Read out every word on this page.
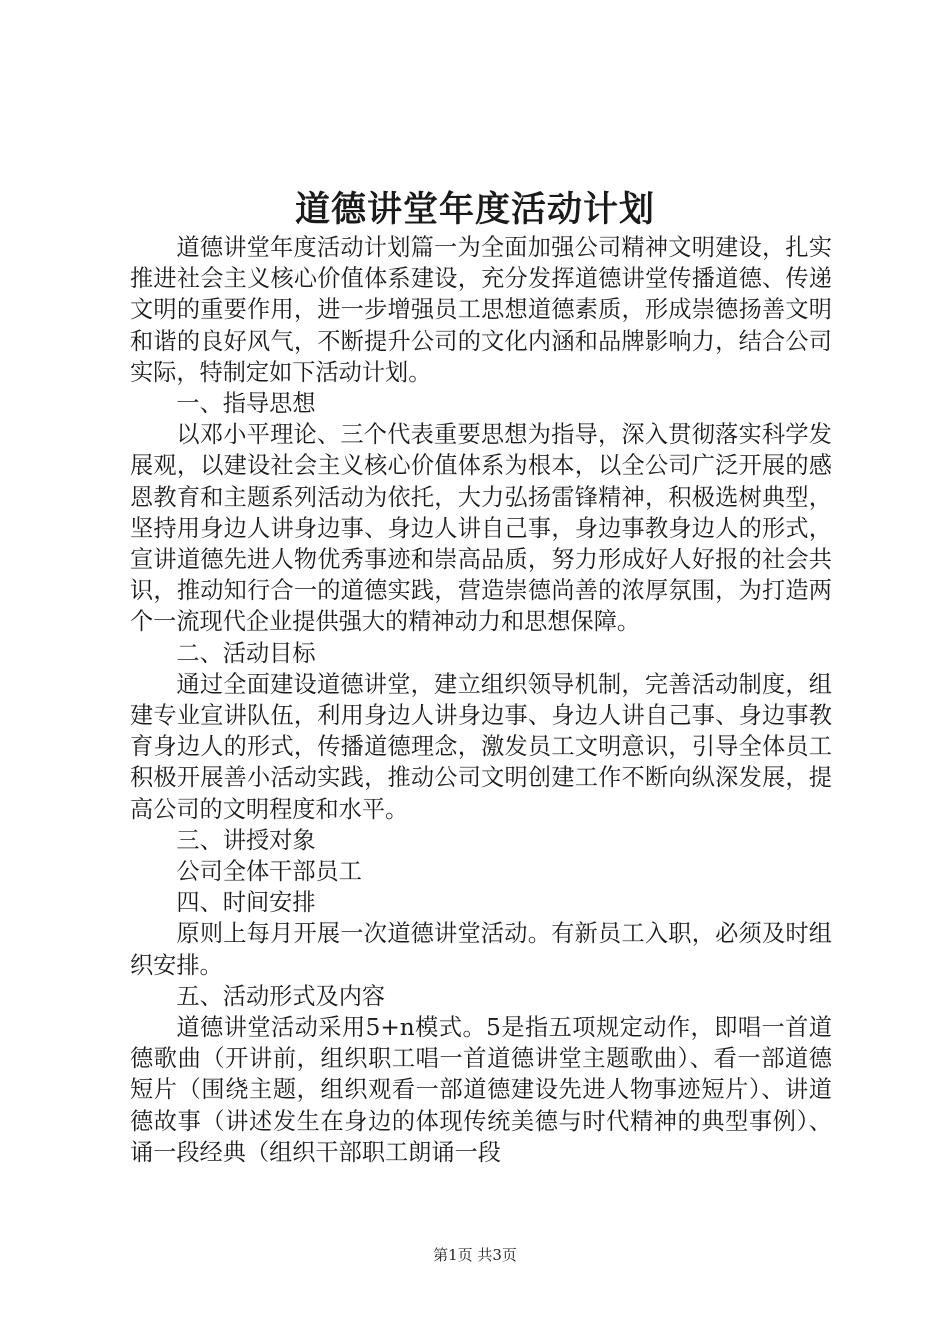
道德讲堂年度活动计划

道德讲堂年度活动计划篇一为全面加强公司精神文明建设，扎实推进社会主义核心价值体系建设，充分发挥道德讲堂传播道德、传递文明的重要作用，进一步增强员工思想道德素质，形成崇德扬善文明和谐的良好风气，不断提升公司的文化内涵和品牌影响力，结合公司实际，特制定如下活动计划。

一、指导思想

以邓小平理论、三个代表重要思想为指导，深入贯彻落实科学发展观，以建设社会主义核心价值体系为根本，以全公司广泛开展的感恩教育和主题系列活动为依托，大力弘扬雷锋精神，积极选树典型，坚持用身边人讲身边事、身边人讲自己事，身边事教身边人的形式，宣讲道德先进人物优秀事迹和崇高品质，努力形成好人好报的社会共识，推动知行合一的道德实践，营造崇德尚善的浓厚氛围，为打造两个一流现代企业提供强大的精神动力和思想保障。

二、活动目标

通过全面建设道德讲堂，建立组织领导机制，完善活动制度，组建专业宣讲队伍，利用身边人讲身边事、身边人讲自己事、身边事教育身边人的形式，传播道德理念，激发员工文明意识，引导全体员工积极开展善小活动实践，推动公司文明创建工作不断向纵深发展，提高公司的文明程度和水平。

三、讲授对象

公司全体干部员工

四、时间安排

原则上每月开展一次道德讲堂活动。有新员工入职，必须及时组织安排。

五、活动形式及内容

道德讲堂活动采用5+n模式。5是指五项规定动作，即唱一首道德歌曲（开讲前，组织职工唱一首道德讲堂主题歌曲）、看一部道德短片（围绕主题，组织观看一部道德建设先进人物事迹短片）、讲道德故事（讲述发生在身边的体现传统美德与时代精神的典型事例）、诵一段经典（组织干部职工朗诵一段

第1页 共3页
